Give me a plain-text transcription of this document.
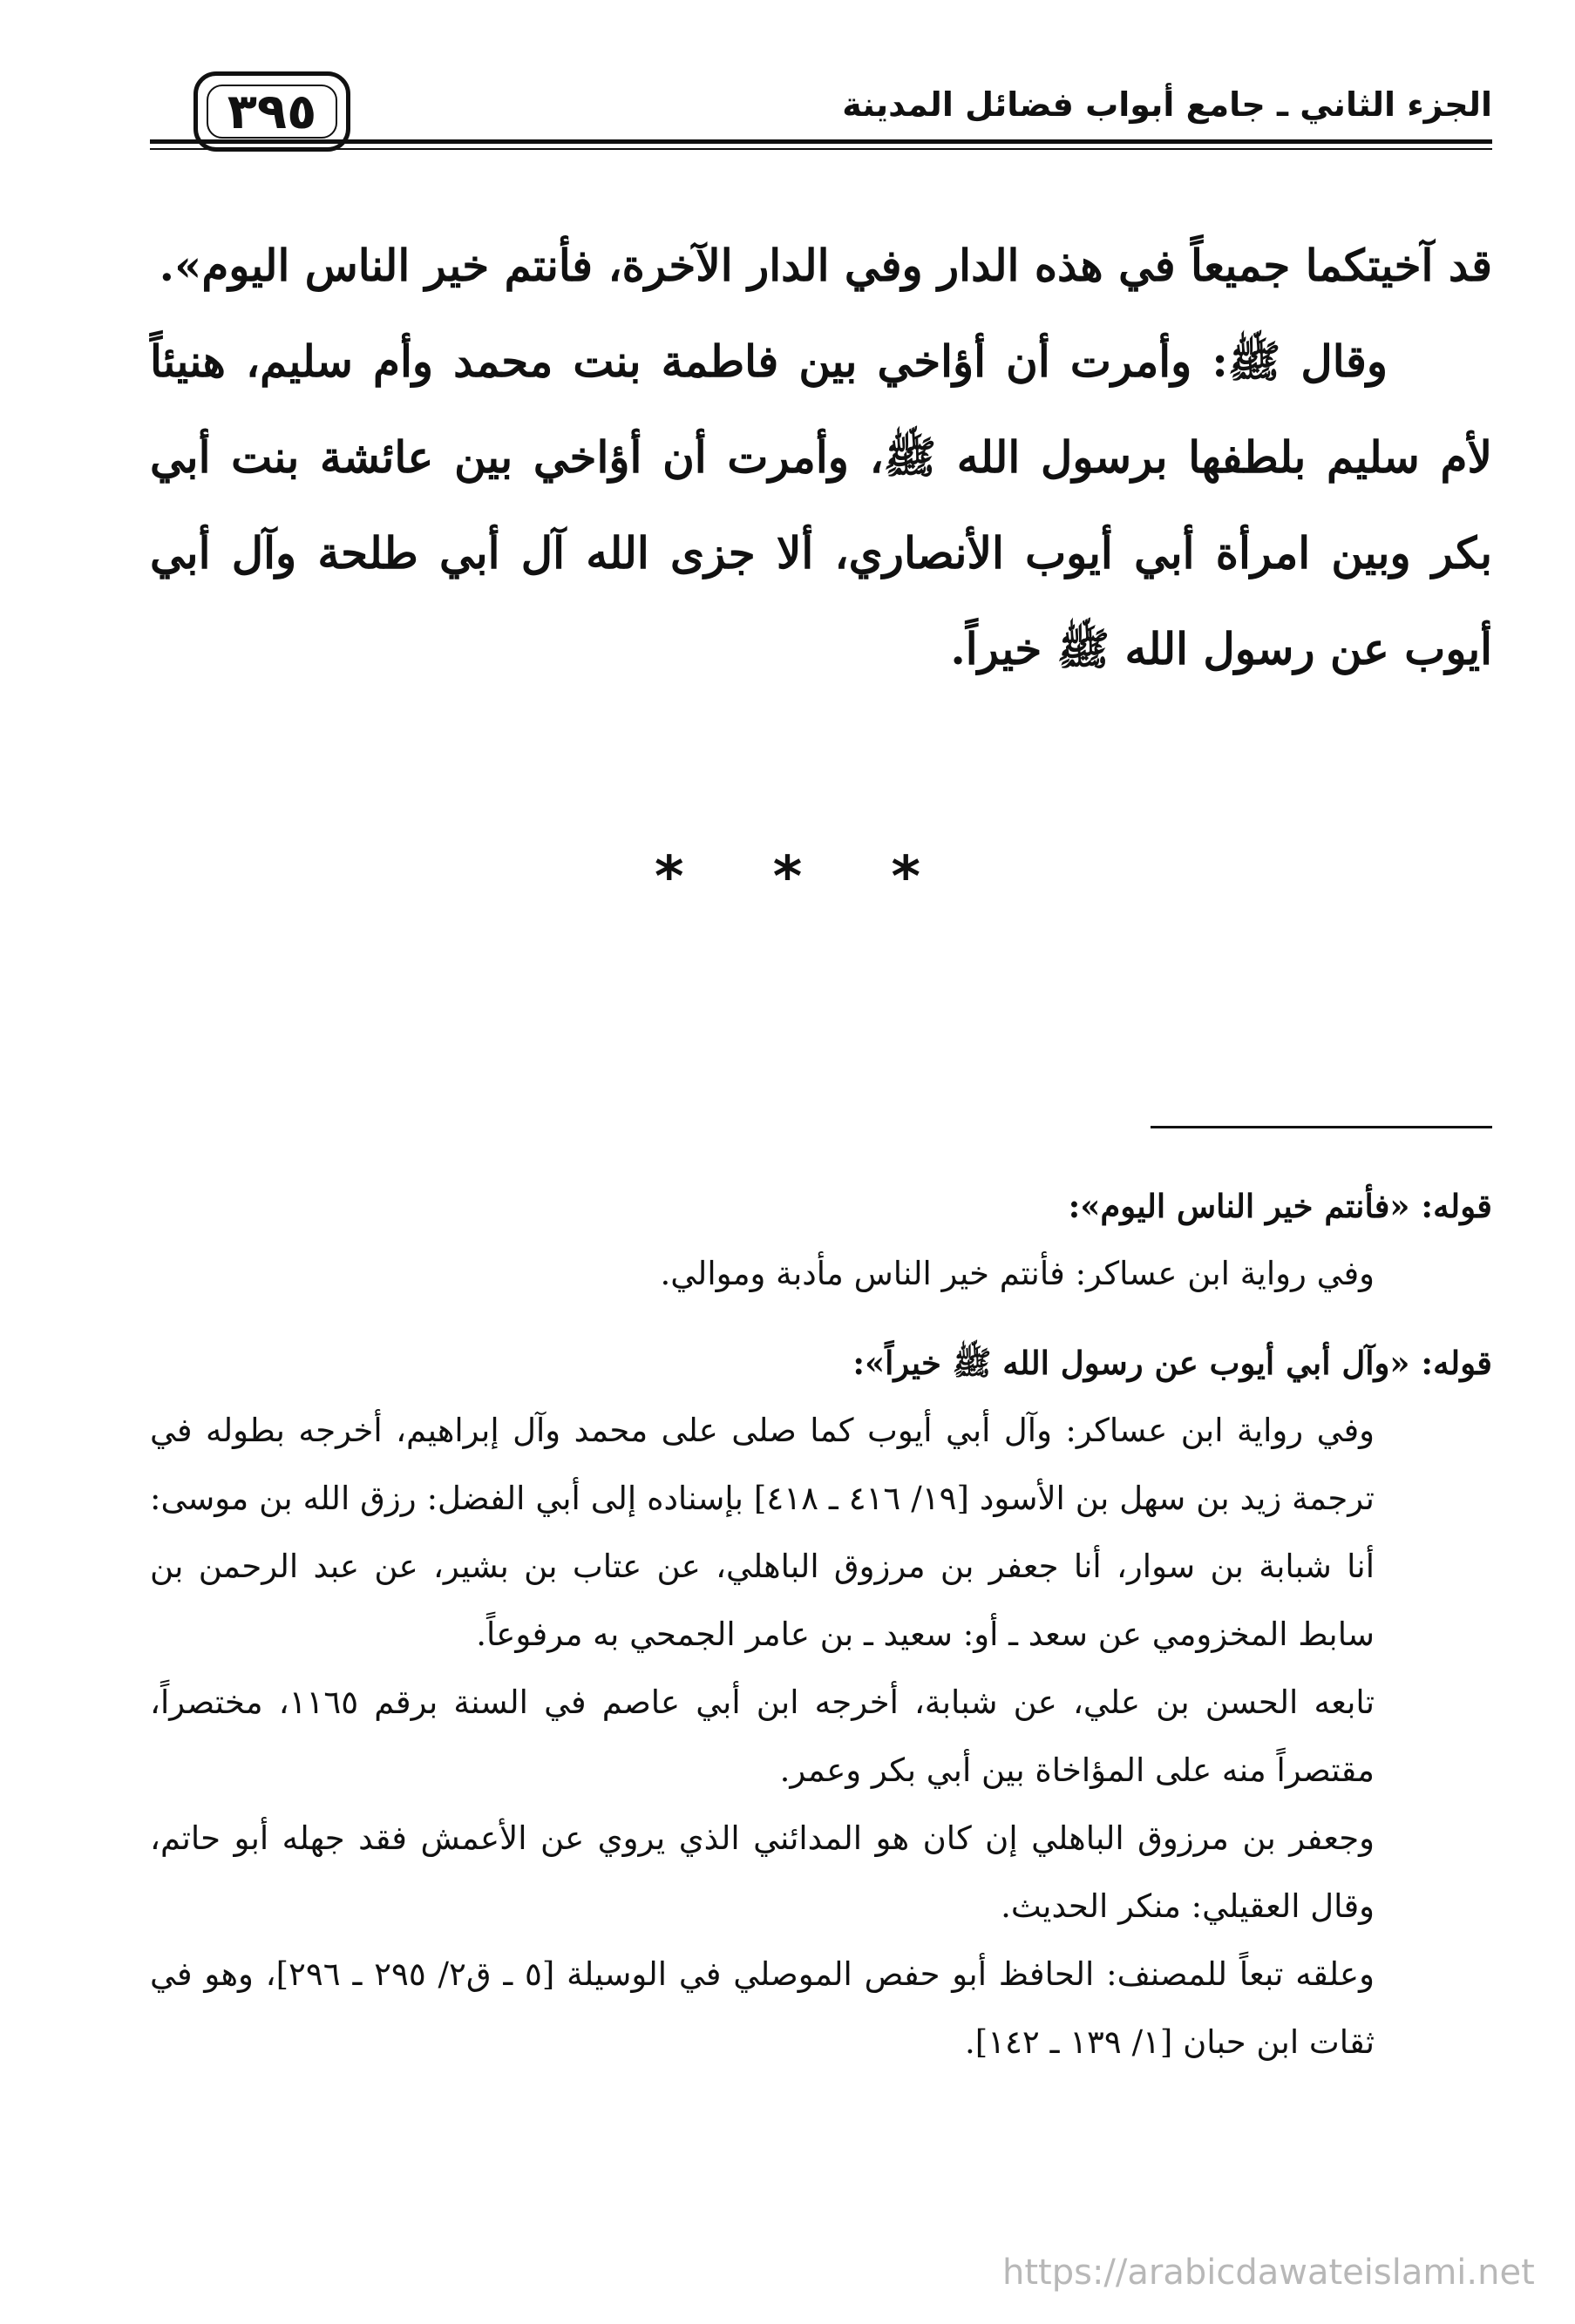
الجزء الثاني ـ جامع أبواب فضائل المدينة
٣٩٥

قد آخيتكما جميعاً في هذه الدار وفي الدار الآخرة، فأنتم خير الناس اليوم».

وقال ﷺ: وأمرت أن أؤاخي بين فاطمة بنت محمد وأم سليم، هنيئاً لأم سليم بلطفها برسول الله ﷺ، وأمرت أن أؤاخي بين عائشة بنت أبي بكر وبين امرأة أبي أيوب الأنصاري، ألا جزى الله آل أبي طلحة وآل أبي أيوب عن رسول الله ﷺ خيراً.

* * *

قوله: «فأنتم خير الناس اليوم»:

وفي رواية ابن عساكر: فأنتم خير الناس مأدبة وموالي.

قوله: «وآل أبي أيوب عن رسول الله ﷺ خيراً»:

وفي رواية ابن عساكر: وآل أبي أيوب كما صلى على محمد وآل إبراهيم، أخرجه بطوله في ترجمة زيد بن سهل بن الأسود [١٩/ ٤١٦ ـ ٤١٨] بإسناده إلى أبي الفضل: رزق الله بن موسى: أنا شبابة بن سوار، أنا جعفر بن مرزوق الباهلي، عن عتاب بن بشير، عن عبد الرحمن بن سابط المخزومي عن سعد ـ أو: سعيد ـ بن عامر الجمحي به مرفوعاً.

تابعه الحسن بن علي، عن شبابة، أخرجه ابن أبي عاصم في السنة برقم ١١٦٥، مختصراً، مقتصراً منه على المؤاخاة بين أبي بكر وعمر.

وجعفر بن مرزوق الباهلي إن كان هو المدائني الذي يروي عن الأعمش فقد جهله أبو حاتم، وقال العقيلي: منكر الحديث.

وعلقه تبعاً للمصنف: الحافظ أبو حفص الموصلي في الوسيلة [٥ ـ ق٢/ ٢٩٥ ـ ٢٩٦]، وهو في ثقات ابن حبان [١/ ١٣٩ ـ ١٤٢].

https://arabicdawateislami.net
